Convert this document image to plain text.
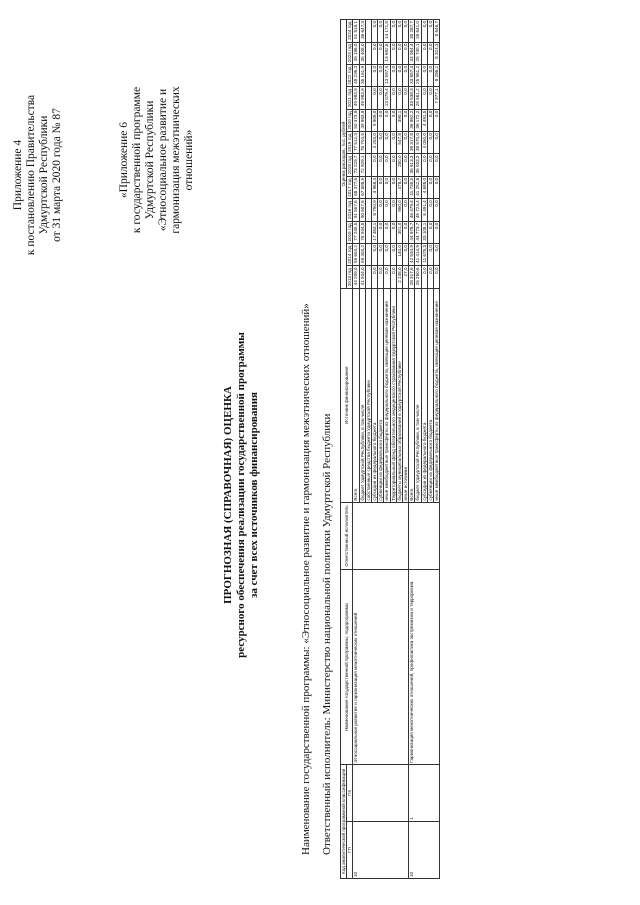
Приложение 4 к постановлению Правительства Удмуртской Республики от 31 марта 2020 года № 87	«Приложение 6 к государственной программе Удмуртской Республики «Этносоциальное развитие и гармонизация межэтнических отношений»
ПРОГНОЗНАЯ (СПРАВОЧНАЯ) ОЦЕНКА ресурсного обеспечения реализации государственной программы за счет всех источников финансирования	Наименование государственной программы: «Этносоциальное развитие и гармонизация межэтнических отношений» Ответственный исполнитель: Министерство национальной политики Удмуртской Республики Код аналитической программной классификации		Наименование государственной программы, подпрограммы	Ответственный исполнитель	Источник финансирования	Оценка расходов, тыс. рублей											
ГП	Пп				2013 год	2014 год	2015 год	2016 год	2017 год	2018 год	2019 год	2020 год	2021 год	2022 год	2023 год	2024 год

10		Этносоциальное развитие и гармонизация межэтнических отношений		Всего	44 209,0	59 604,2	77 245,5	91 557,6	68 377,6	73 229,7	77 512,3	50 373,9	49 983,9	48 236,3	49 196,0	51 818,1
				бюджет Удмуртской Республики, в том числе	41 934,0	59 404,2	76 944,5	90 607,6	67 898,9	72 929,1	76 704,5	49 983,9	49 983,9	35 161,9	35 408,0	36 647,3
				собственные средства бюджета Удмуртской Республики												
				субсидии из федерального бюджета	0,0	0,0	17 463,1	8 750,9	4 968,4	0,0	4 253,0	5 909,0	0,0	0,0	0,0	0,0
				субвенции из федерального бюджета	0,0	0,0	0,0	0,0	0,0	0,0	0,0	0,0	0,0	0,0	0,0	0,0
				иные межбюджетные трансферты из федерального бюджета, имеющие целевое назначение	0,0	0,0	0,0	0,0	0,0	0,0	0,0	0,0	13 079,4	13 597,4	13 692,6	14 171,8
				Территориальный фонд обязательного медицинского страхования Удмуртской Республики	0,0	0,0	0,0	0,0	0,0	0,0	0,0	0,0	0,0	0,0	0,0	0,0
				бюджеты муниципальных образований в Удмуртской Республике	2 248,0	140,0	301,0	950,0	478,7	280,0	547,8	390,1	0,0	0,0	0,0	0,0
				иные источники	27,0	0,0	0,0	0,0	0,0	0,0	0,0	0,0	0,0	0,0	0,0	0,0
10	1	Гармонизация межэтнических отношений, профилактика экстремизма и терроризма		Всего	28 317,6	42 534,9	44 978,7	46 479,4	41 735,5	36 613,3	39 317,8	36 962,2	33 538,3	33 857,4	34 064,4	35 287,7
				бюджет Удмуртской Республики, в том числе	26 260,6	41 414,9	44 773,7	45 724,4	41 252,8	36 033,3	38 570,0	36 172,2	25 561,2	25 961,2	25 740,1	26 641,0
				субсидии из федерального бюджета	0,0	11 678,3	33 108,1	6 491,4	4 688,0	0,0	4 050,0	4 491,5	0,0	0,0	0,0	0,0
				субвенции из федерального бюджета	0,0	0,0	0,0	0,0	0,0	0,0	0,0	0,0	0,0	0,0	0,0	0,0
				иные межбюджетные трансферты из федерального бюджета, имеющие целевое назначение	0,0	0,0	0,0	0,0	0,0	0,0	0,0	0,0	7 977,1	8 296,2	8 324,3	8 646,7
